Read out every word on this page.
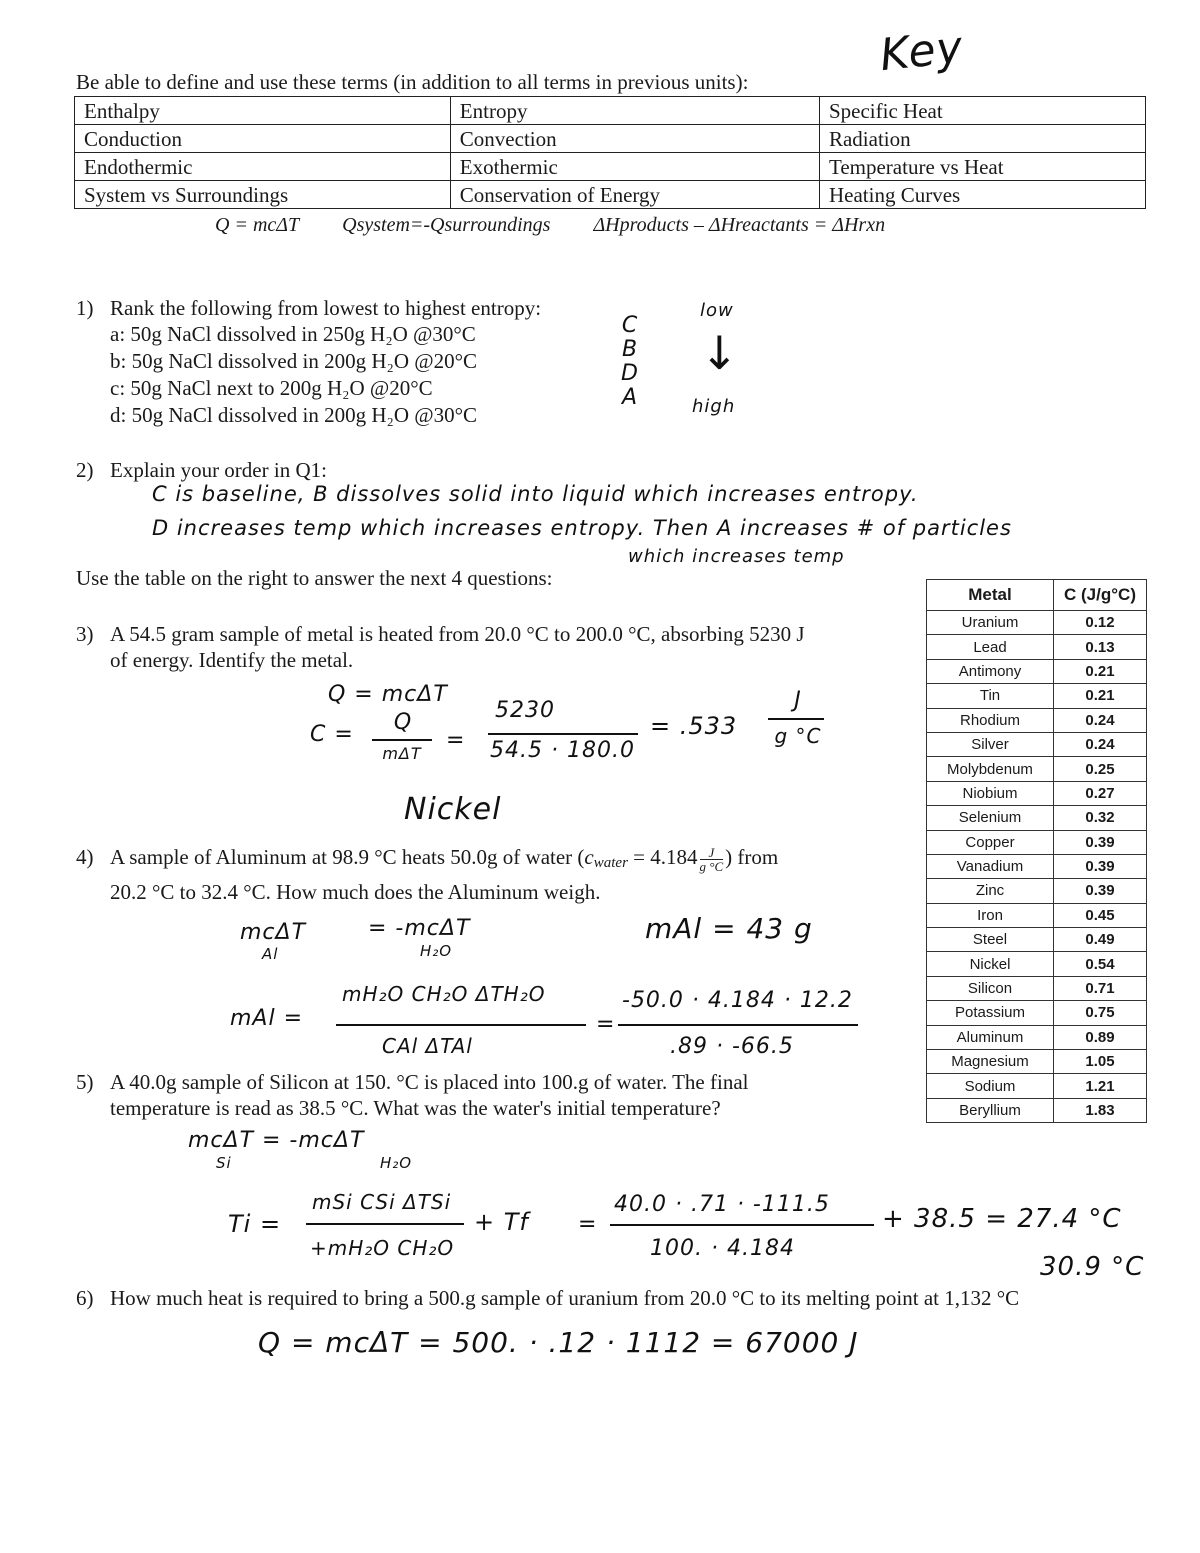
Key
Be able to define and use these terms (in addition to all terms in previous units):
Enthalpy	Entropy	Specific Heat
Conduction	Convection	Radiation
Endothermic	Exothermic	Temperature vs Heat
System vs Surroundings	Conservation of Energy	Heating Curves
Q = mcΔT Qsystem=-Qsurroundings ΔHproducts – ΔHreactants = ΔHrxn
1) Rank the following from lowest to highest entropy:
a: 50g NaCl dissolved in 250g H₂O @30°C
b: 50g NaCl dissolved in 200g H₂O @20°C
c: 50g NaCl next to 200g H₂O @20°C
d: 50g NaCl dissolved in 200g H₂O @30°C
C
B
D
A
low
↓
high
2) Explain your order in Q1:
C is baseline, B dissolves solid into liquid which increases entropy.
D increases temp which increases entropy. Then A increases # of particles
which increases temp
Use the table on the right to answer the next 4 questions:
Metal	C (J/g°C)
Uranium	0.12
Lead	0.13
Antimony	0.21
Tin	0.21
Rhodium	0.24
Silver	0.24
Molybdenum	0.25
Niobium	0.27
Selenium	0.32
Copper	0.39
Vanadium	0.39
Zinc	0.39
Iron	0.45
Steel	0.49
Nickel	0.54
Silicon	0.71
Potassium	0.75
Aluminum	0.89
Magnesium	1.05
Sodium	1.21
Beryllium	1.83
3) A 54.5 gram sample of metal is heated from 20.0 °C to 200.0 °C, absorbing 5230 J
of energy. Identify the metal.
Q = mcΔT
C =	Q
mΔT
=
5230
54.5 · 180.0
= .533
J
g °C
Nickel
4) A sample of Aluminum at 98.9 °C heats 50.0g of water ($c_{water} = 4.184 \frac{J}{g ^\circ C}$ ) from
20.2 °C to 32.4 °C. How much does the Aluminum weigh.
mcΔT
Al
= -mcΔT
H₂O
mAl = 43 g
mAl =
mH₂O CH₂O ΔTH₂O
CAl ΔTAl
=
-50.0 · 4.184 · 12.2
.89 · -66.5
5) A 40.0g sample of Silicon at 150. °C is placed into 100.g of water. The final
temperature is read as 38.5 °C. What was the water's initial temperature?
mcΔT = -mcΔT
Si	H₂O
Ti =
mSi CSi ΔTSi
+mH₂O CH₂O
+ Tf =
40.0 · .71 · -111.5
100. · 4.184
+ 38.5 = 27.4 °C
30.9 °C
6) How much heat is required to bring a 500.g sample of uranium from 20.0 °C to its melting point at 1,132 °C
Q = mcΔT = 500. · .12 · 1112 = 67000 J
